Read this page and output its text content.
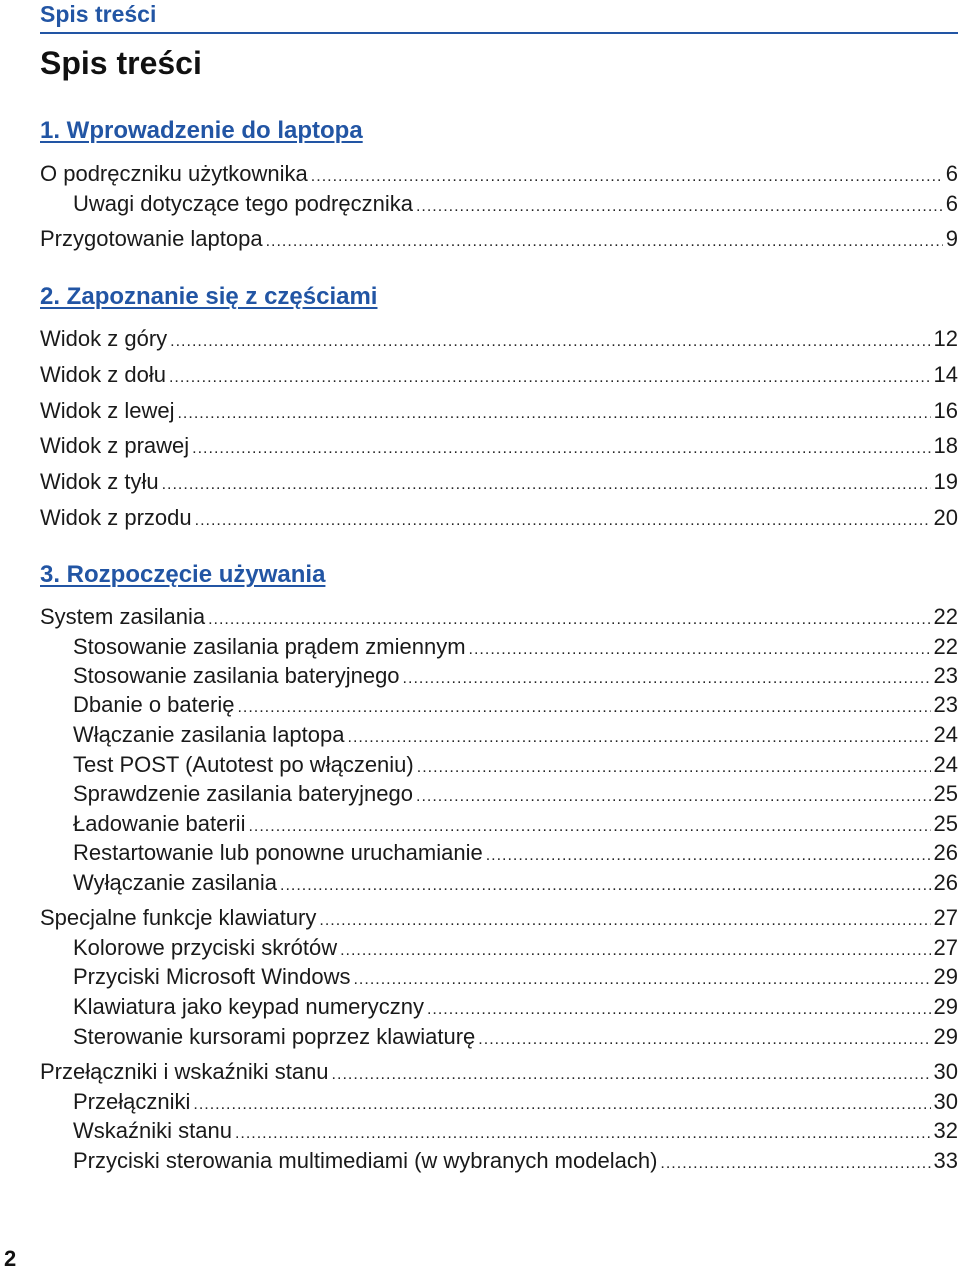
Spis treści
Spis treści
1. Wprowadzenie do laptopa
O podręczniku użytkownika .....	6
Uwagi dotyczące tego podręcznika .....	6
Przygotowanie laptopa .....	9
2. Zapoznanie się z częściami
Widok z góry .....	12
Widok z dołu .....	14
Widok z lewej .....	16
Widok z prawej .....	18
Widok z tyłu .....	19
Widok z przodu .....	20
3. Rozpoczęcie używania
System zasilania .....	22
Stosowanie zasilania prądem zmiennym .....	22
Stosowanie zasilania bateryjnego .....	23
Dbanie o baterię .....	23
Włączanie zasilania laptopa .....	24
Test POST (Autotest po włączeniu) .....	24
Sprawdzenie zasilania bateryjnego .....	25
Ładowanie baterii .....	25
Restartowanie lub ponowne uruchamianie .....	26
Wyłączanie zasilania .....	26
Specjalne funkcje klawiatury .....	27
Kolorowe przyciski skrótów .....	27
Przyciski Microsoft Windows .....	29
Klawiatura jako keypad numeryczny .....	29
Sterowanie kursorami poprzez klawiaturę .....	29
Przełączniki i wskaźniki stanu .....	30
Przełączniki .....	30
Wskaźniki stanu .....	32
Przyciski sterowania multimediami (w wybranych modelach) .....	33
2
